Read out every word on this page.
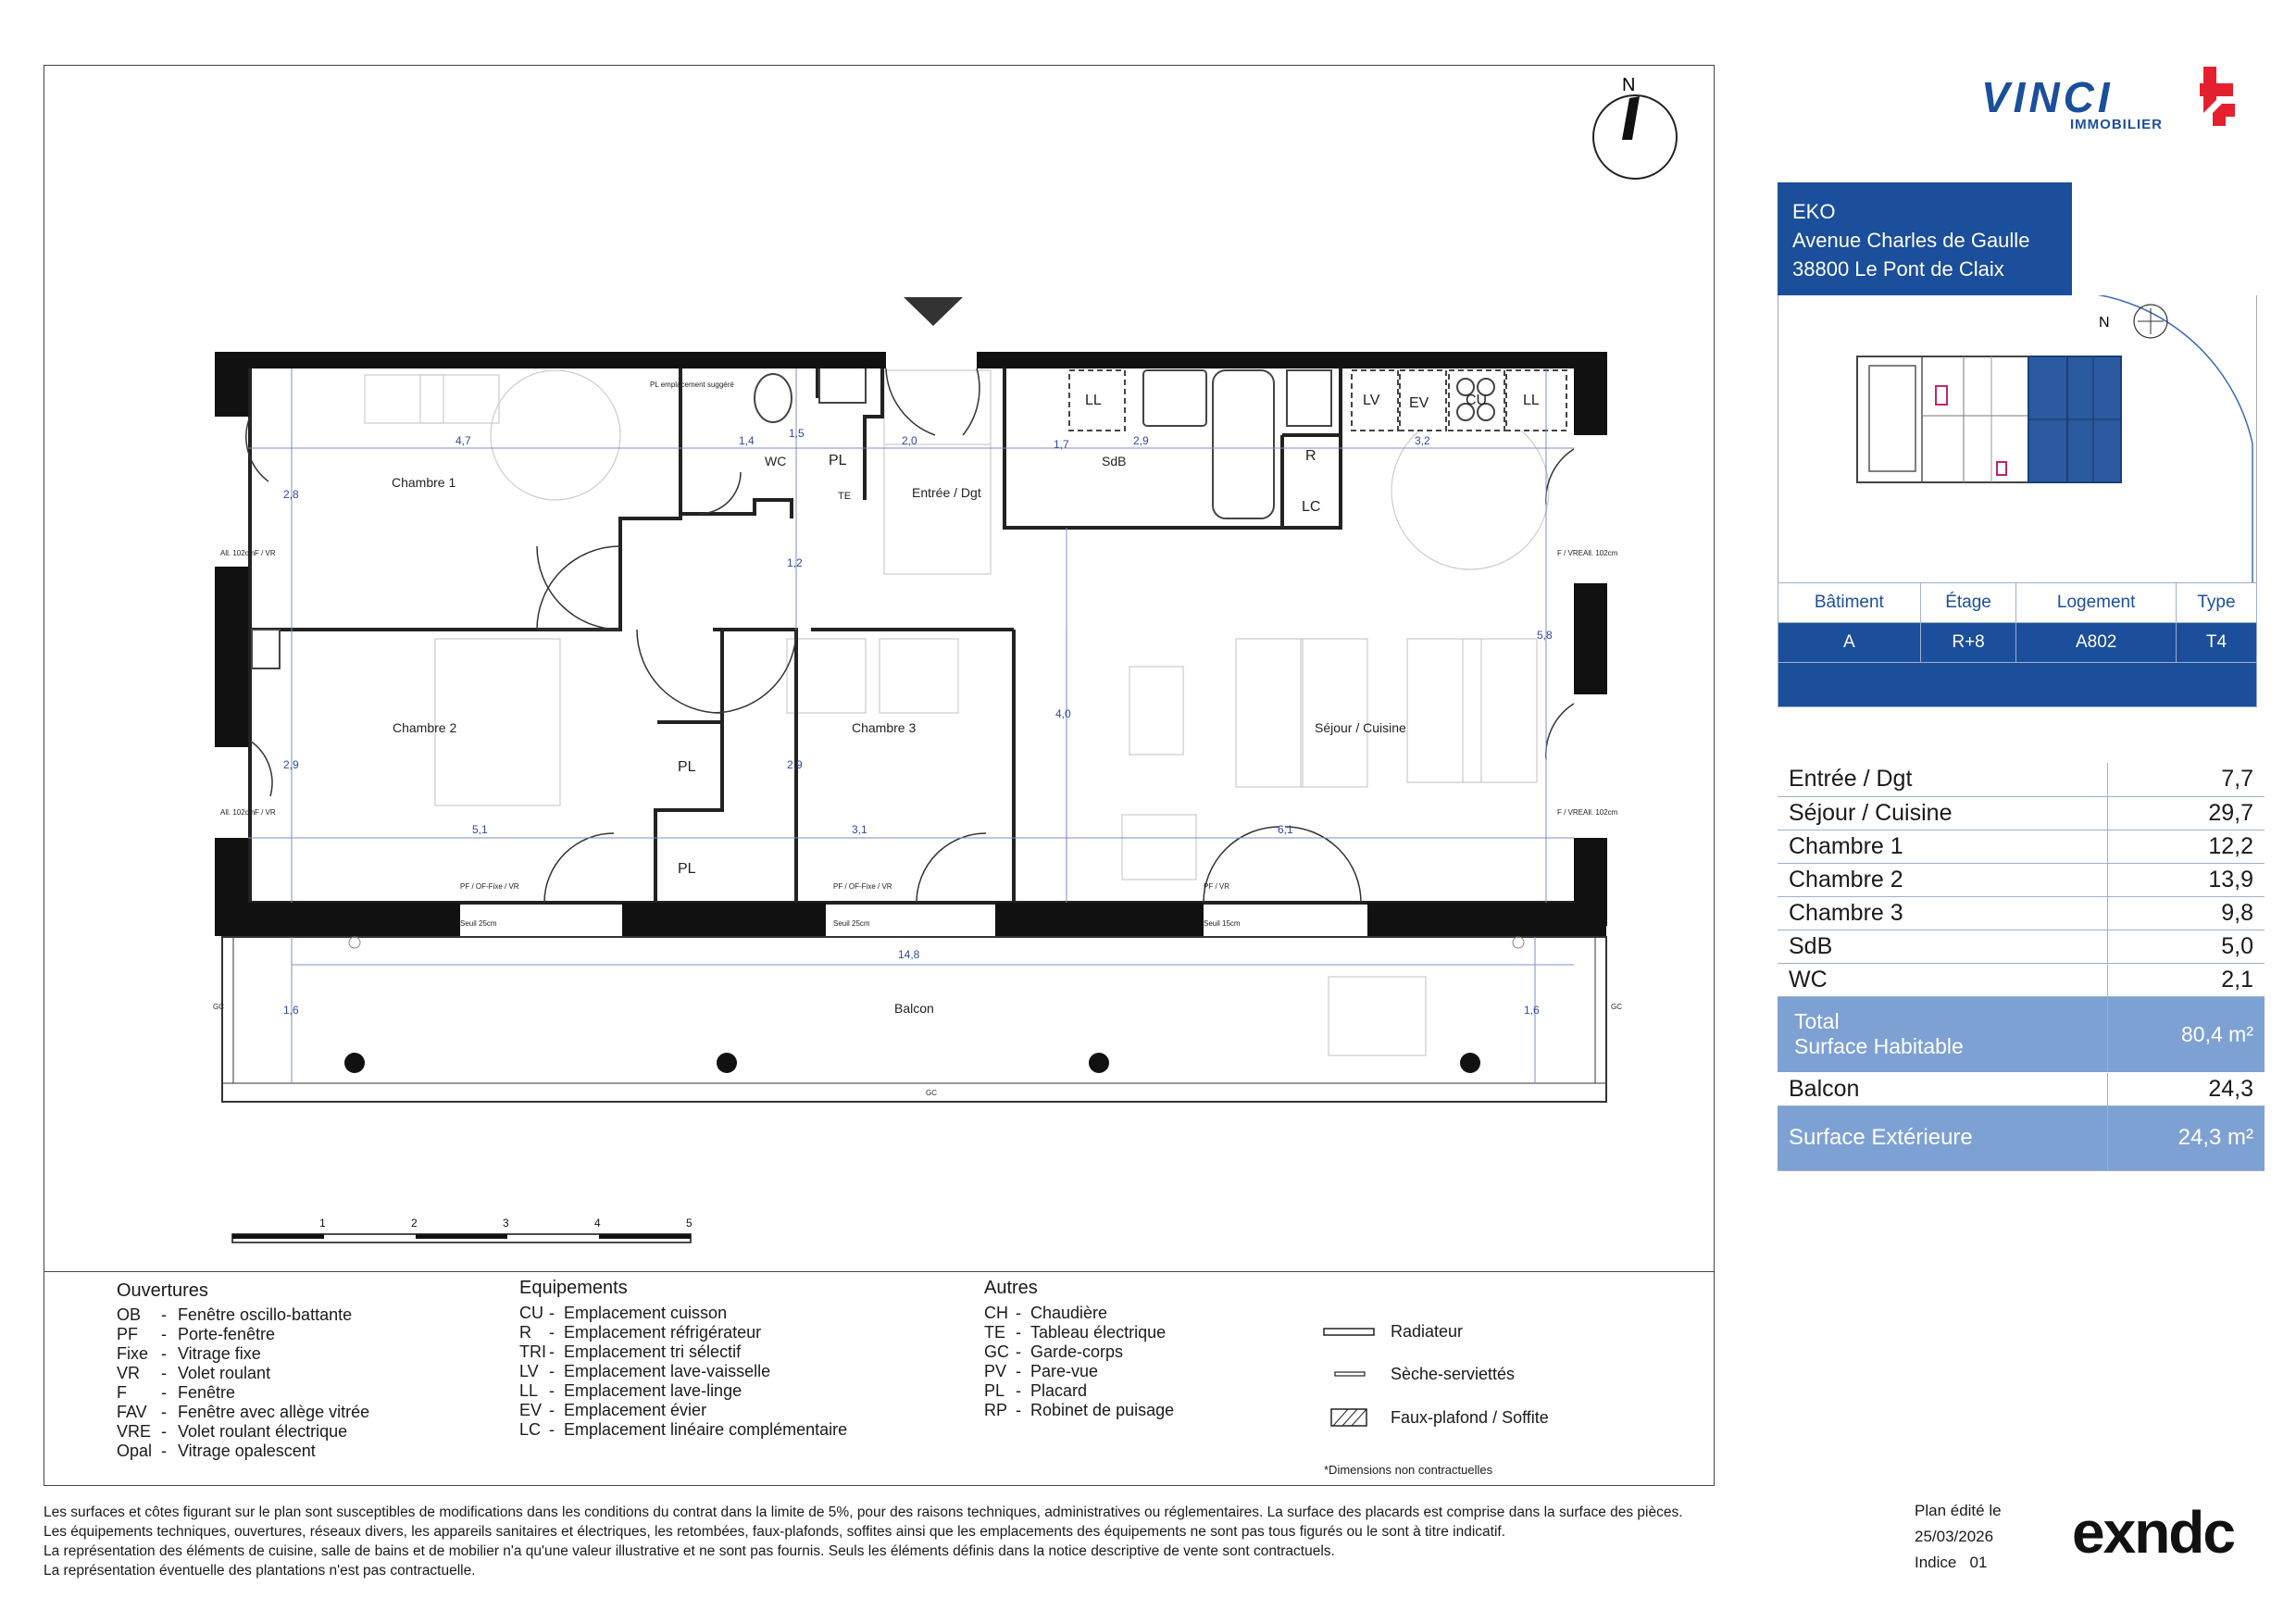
N
Chambre 1
WC
Entrée / Dgt
SdB
Chambre 2	Chambre 3	Séjour / Cuisine
Balcon
PL
PL
PL
LL	LV EV CU LL
R
LC
TE
4,7	1,4
1,5
2,0	1,7	2,9	3,2
2,8
1,2
5,8
4,0
2,9	2,9
5,1	3,1	6,1
14,8
1,6	1,6
PF / OF-Fixe / VR	PF / OF-Fixe / VR	PF / VR
Seuil 25cm	Seuil 25cm	Seuil 15cm
GC
GC	GC
F / VR
F / VR
F / VRE
F / VRE
All. 102cm
All. 102cm
All. 102cm
All. 102cm
PL emplacement suggéré
1	2	3	4	5
VINCI
IMMOBILIER
EKO
Avenue Charles de Gaulle
38800 Le Pont de Claix
N
Bâtiment	Étage	Logement	Type
A	R+8	A802	T4

Entrée / Dgt	7,7
Séjour / Cuisine	29,7
Chambre 1	12,2
Chambre 2	13,9
Chambre 3	9,8
SdB	5,0
WC	2,1

Total
Surface Habitable	80,4 m²
Balcon	24,3
Surface Extérieure	24,3 m²
Ouvertures
OB	- Fenêtre oscillo-battante
PF	- Porte-fenêtre
Fixe - Vitrage fixe
VR	- Volet roulant
F	- Fenêtre
FAV - Fenêtre avec allège vitrée
VRE - Volet roulant électrique
Opal - Vitrage opalescent
Equipements
CU - Emplacement cuisson
R	- Emplacement réfrigérateur
TRI - Emplacement tri sélectif
LV - Emplacement lave-vaisselle
LL - Emplacement lave-linge
EV - Emplacement évier
LC - Emplacement linéaire complémentaire
Autres
CH - Chaudière
TE - Tableau électrique
GC - Garde-corps
PV - Pare-vue
PL - Placard
RP - Robinet de puisage
Radiateur
Sèche-serviettés
Faux-plafond / Soffite
*Dimensions non contractuelles
Les surfaces et côtes figurant sur le plan sont susceptibles de modifications dans les conditions du contrat dans la limite de 5%, pour des raisons techniques, administratives ou réglementaires. La surface des placards est comprise dans la surface des pièces.
Les équipements techniques, ouvertures, réseaux divers, les appareils sanitaires et électriques, les retombées, faux-plafonds, soffites ainsi que les emplacements des équipements ne sont pas tous figurés ou le sont à titre indicatif.
La représentation des éléments de cuisine, salle de bains et de mobilier n'a qu'une valeur illustrative et ne sont pas fournis. Seuls les éléments définis dans la notice descriptive de vente sont contractuels.
La représentation éventuelle des plantations n'est pas contractuelle.
Plan édité le
25/03/2026
Indice 01 exndc
